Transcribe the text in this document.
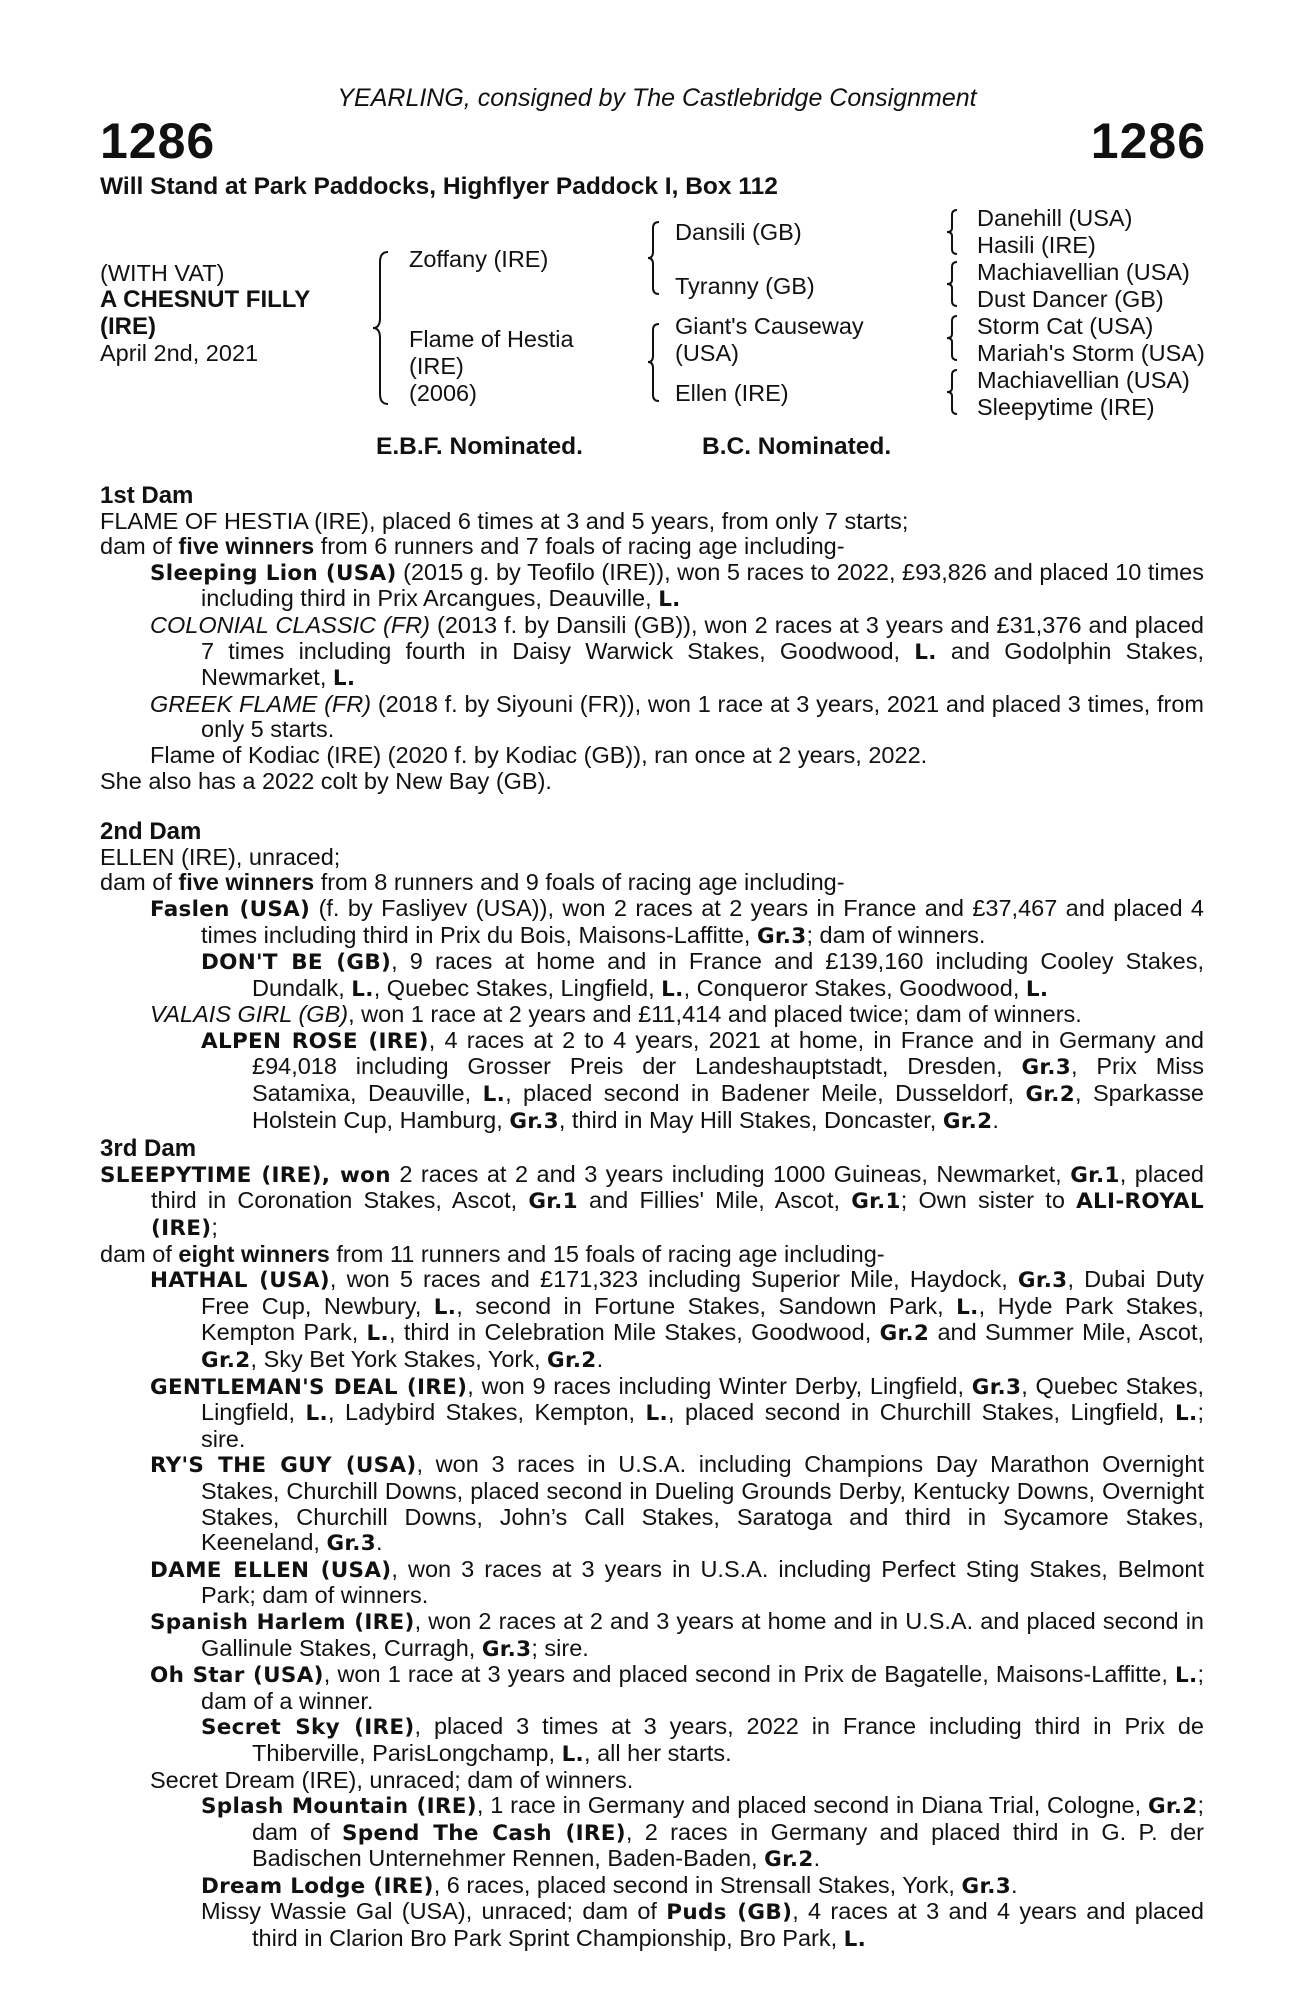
YEARLING, consigned by The Castlebridge Consignment
1286	1286
Will Stand at Park Paddocks, Highflyer Paddock I, Box 112
(WITH VAT)
A CHESNUT FILLY
(IRE)
April 2nd, 2021
Zoffany (IRE)
Flame of Hestia
(IRE)
(2006)
Dansili (GB)
Tyranny (GB)
Giant's Causeway
(USA)
Ellen (IRE)
Danehill (USA)
Hasili (IRE)
Machiavellian (USA)
Dust Dancer (GB)
Storm Cat (USA)
Mariah's Storm (USA)
Machiavellian (USA)
Sleepytime (IRE)
E.B.F. Nominated.	B.C. Nominated.

1st Dam

FLAME OF HESTIA (IRE), placed 6 times at 3 and 5 years, from only 7 starts;

dam of five winners from 6 runners and 7 foals of racing age including-

Sleeping Lion (USA) (2015 g. by Teofilo (IRE)), won 5 races to 2022, £93,826 and placed 10 times including third in Prix Arcangues, Deauville, L.

COLONIAL CLASSIC (FR) (2013 f. by Dansili (GB)), won 2 races at 3 years and £31,376 and placed 7 times including fourth in Daisy Warwick Stakes, Goodwood, L. and Godolphin Stakes, Newmarket, L.

GREEK FLAME (FR) (2018 f. by Siyouni (FR)), won 1 race at 3 years, 2021 and placed 3 times, from only 5 starts.

Flame of Kodiac (IRE) (2020 f. by Kodiac (GB)), ran once at 2 years, 2022.

She also has a 2022 colt by New Bay (GB).

2nd Dam

ELLEN (IRE), unraced;

dam of five winners from 8 runners and 9 foals of racing age including-

Faslen (USA) (f. by Fasliyev (USA)), won 2 races at 2 years in France and £37,467 and placed 4 times including third in Prix du Bois, Maisons-Laffitte, Gr.3; dam of winners.

DON'T BE (GB), 9 races at home and in France and £139,160 including Cooley Stakes, Dundalk, L., Quebec Stakes, Lingfield, L., Conqueror Stakes, Goodwood, L.

VALAIS GIRL (GB), won 1 race at 2 years and £11,414 and placed twice; dam of winners.

ALPEN ROSE (IRE), 4 races at 2 to 4 years, 2021 at home, in France and in Germany and £94,018 including Grosser Preis der Landeshauptstadt, Dresden, Gr.3, Prix Miss Satamixa, Deauville, L., placed second in Badener Meile, Dusseldorf, Gr.2, Sparkasse Holstein Cup, Hamburg, Gr.3, third in May Hill Stakes, Doncaster, Gr.2.

3rd Dam

SLEEPYTIME (IRE), won 2 races at 2 and 3 years including 1000 Guineas, Newmarket, Gr.1, placed third in Coronation Stakes, Ascot, Gr.1 and Fillies' Mile, Ascot, Gr.1; Own sister to ALI-ROYAL (IRE);

dam of eight winners from 11 runners and 15 foals of racing age including-

HATHAL (USA), won 5 races and £171,323 including Superior Mile, Haydock, Gr.3, Dubai Duty Free Cup, Newbury, L., second in Fortune Stakes, Sandown Park, L., Hyde Park Stakes, Kempton Park, L., third in Celebration Mile Stakes, Goodwood, Gr.2 and Summer Mile, Ascot, Gr.2, Sky Bet York Stakes, York, Gr.2.

GENTLEMAN'S DEAL (IRE), won 9 races including Winter Derby, Lingfield, Gr.3, Quebec Stakes, Lingfield, L., Ladybird Stakes, Kempton, L., placed second in Churchill Stakes, Lingfield, L.; sire.

RY'S THE GUY (USA), won 3 races in U.S.A. including Champions Day Marathon Overnight Stakes, Churchill Downs, placed second in Dueling Grounds Derby, Kentucky Downs, Overnight Stakes, Churchill Downs, John’s Call Stakes, Saratoga and third in Sycamore Stakes, Keeneland, Gr.3.

DAME ELLEN (USA), won 3 races at 3 years in U.S.A. including Perfect Sting Stakes, Belmont Park; dam of winners.

Spanish Harlem (IRE), won 2 races at 2 and 3 years at home and in U.S.A. and placed second in Gallinule Stakes, Curragh, Gr.3; sire.

Oh Star (USA), won 1 race at 3 years and placed second in Prix de Bagatelle, Maisons-Laffitte, L.; dam of a winner.

Secret Sky (IRE), placed 3 times at 3 years, 2022 in France including third in Prix de Thiberville, ParisLongchamp, L., all her starts.

Secret Dream (IRE), unraced; dam of winners.

Splash Mountain (IRE), 1 race in Germany and placed second in Diana Trial, Cologne, Gr.2; dam of Spend The Cash (IRE), 2 races in Germany and placed third in G. P. der Badischen Unternehmer Rennen, Baden-Baden, Gr.2.

Dream Lodge (IRE), 6 races, placed second in Strensall Stakes, York, Gr.3.

Missy Wassie Gal (USA), unraced; dam of Puds (GB), 4 races at 3 and 4 years and placed third in Clarion Bro Park Sprint Championship, Bro Park, L.
